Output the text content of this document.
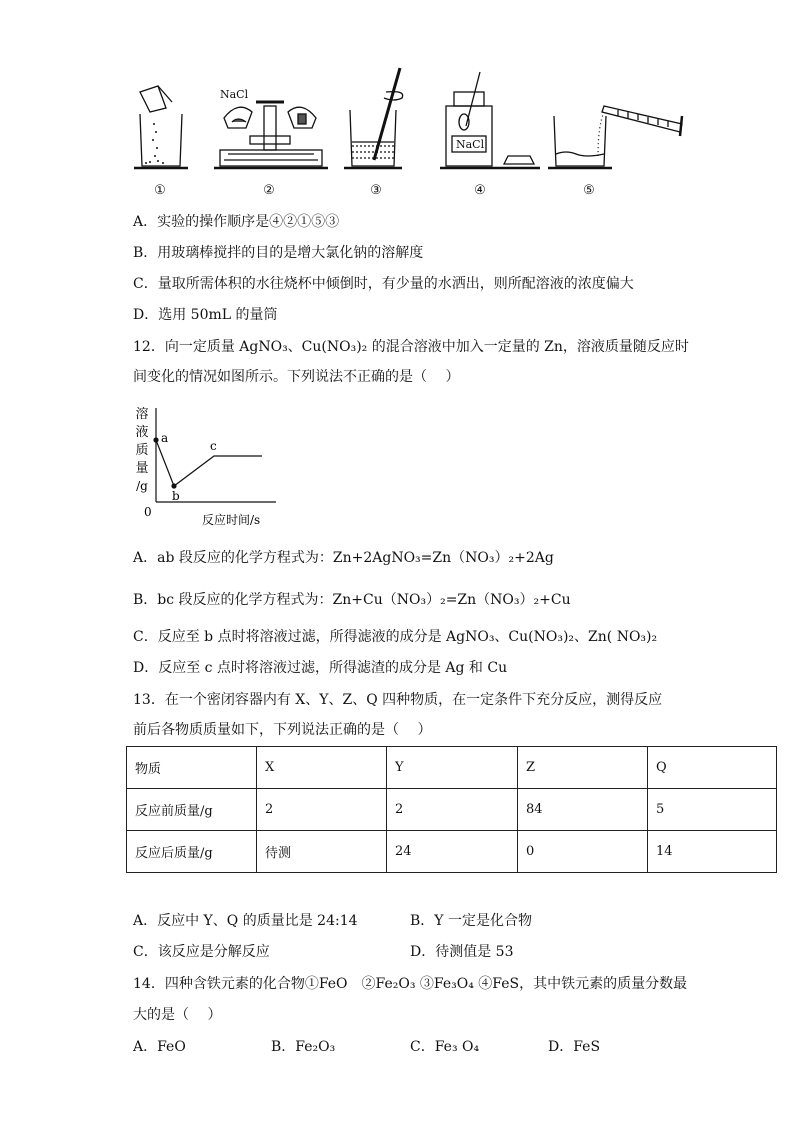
NaCl
NaCl
①	②	③	④	⑤
A．实验的操作顺序是④②①⑤③
B．用玻璃棒搅拌的目的是增大氯化钠的溶解度
C．量取所需体积的水往烧杯中倾倒时，有少量的水洒出，则所配溶液的浓度偏大
D．选用 50mL 的量筒
12．向一定质量 AgNO₃、Cu(NO₃)₂ 的混合溶液中加入一定量的 Zn，溶液质量随反应时
间变化的情况如图所示。下列说法不正确的是（　 ）
溶
液
质
量
/g
a
b
c
0
反应时间/s
A．ab 段反应的化学方程式为：Zn+2AgNO₃=Zn（NO₃）₂+2Ag
B．bc 段反应的化学方程式为：Zn+Cu（NO₃）₂=Zn（NO₃）₂+Cu
C．反应至 b 点时将溶液过滤，所得滤液的成分是 AgNO₃、Cu(NO₃)₂、Zn( NO₃)₂
D．反应至 c 点时将溶液过滤，所得滤渣的成分是 Ag 和 Cu
13．在一个密闭容器内有 X、Y、Z、Q 四种物质，在一定条件下充分反应，测得反应
前后各物质质量如下，下列说法正确的是（　 ）
物质	X	Y	Z	Q
反应前质量/g	2	2	84	5
反应后质量/g	待测	24	0	14
A．反应中 Y、Q 的质量比是 24:14	B．Y 一定是化合物
C．该反应是分解反应	D．待测值是 53
14．四种含铁元素的化合物①FeO　②Fe₂O₃ ③Fe₃O₄ ④FeS，其中铁元素的质量分数最
大的是（　 ）
A．FeO	B．Fe₂O₃	C．Fe₃ O₄	D．FeS
